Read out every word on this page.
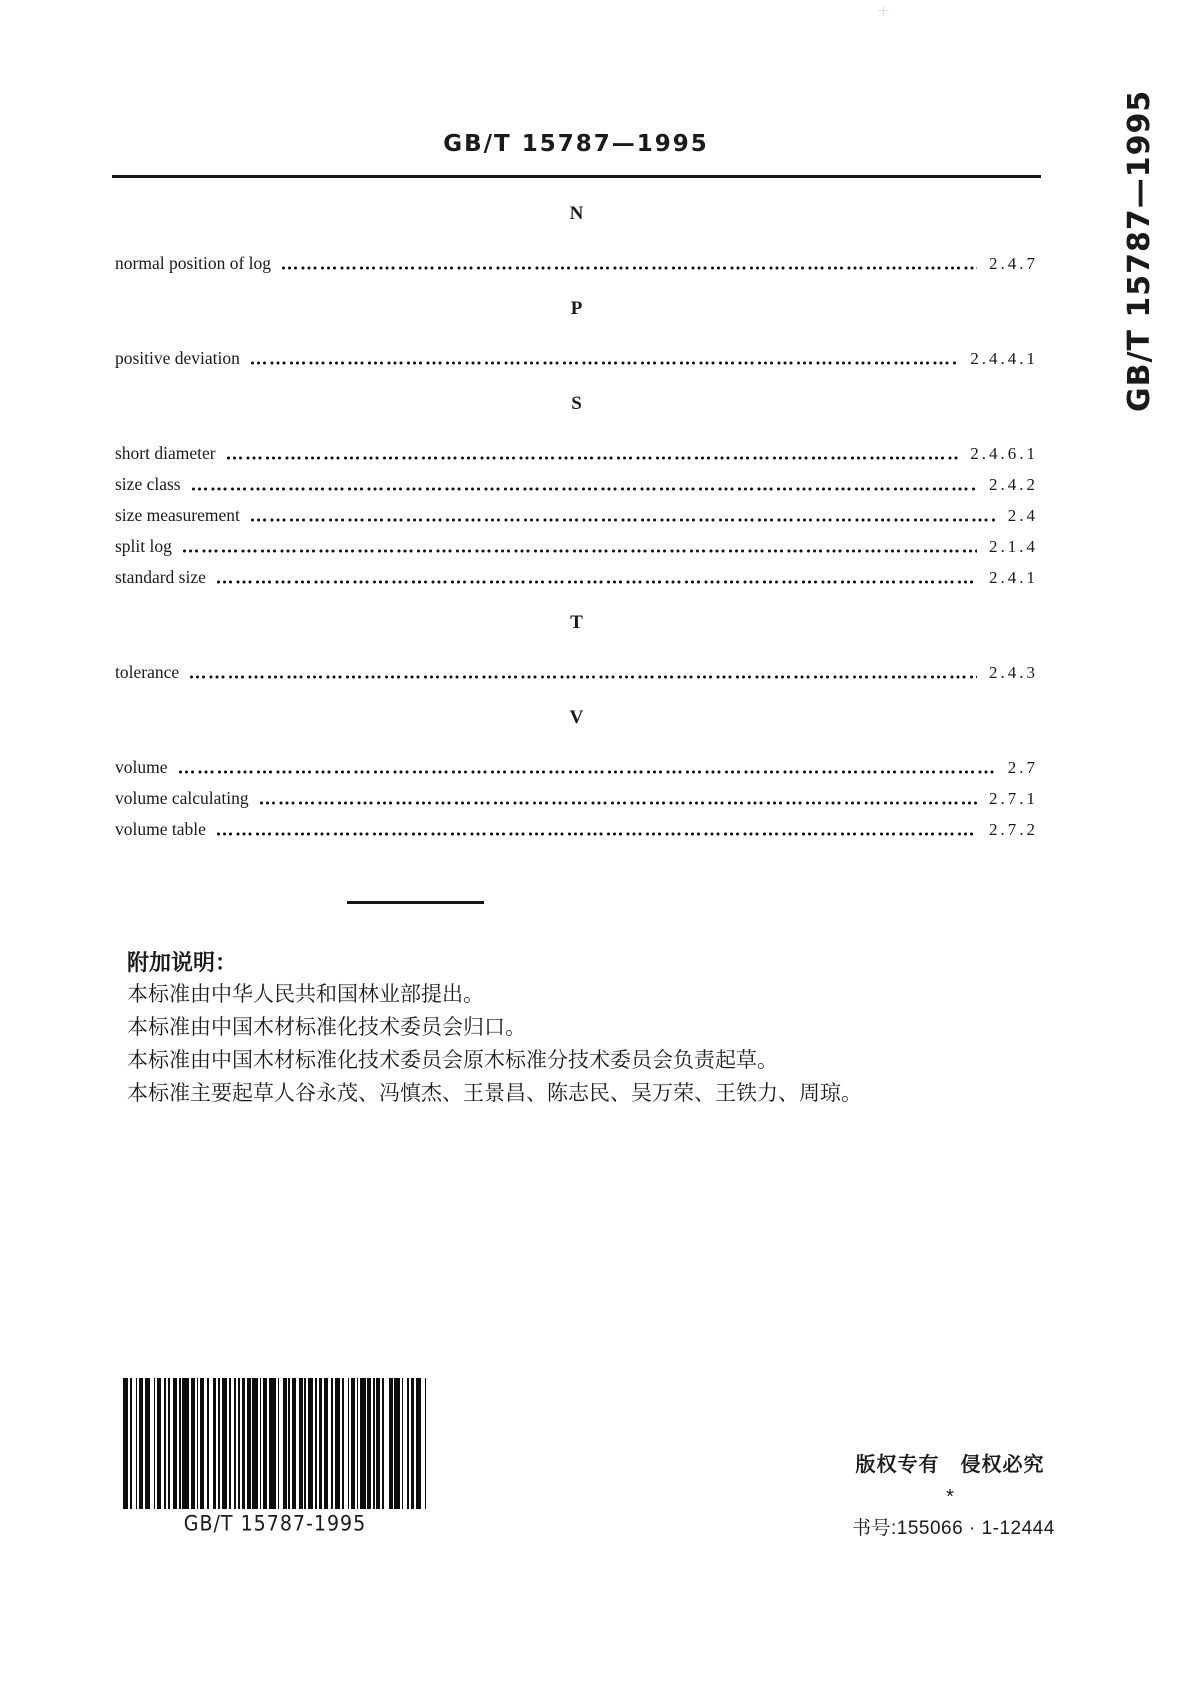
GB/T 15787—1995	GB/T 15787—1995
N
normal position of log	2.4.7
P
positive deviation	2.4.4.1
S
short diameter	2.4.6.1
size class	2.4.2
size measurement	2.4
split log	2.1.4
standard size	2.4.1
T
tolerance	2.4.3
V
volume	2.7
volume calculating	2.7.1
volume table	2.7.2
附加说明：
本标准由中华人民共和国林业部提出。
本标准由中国木材标准化技术委员会归口。
本标准由中国木材标准化技术委员会原木标准分技术委员会负责起草。
本标准主要起草人谷永茂、冯慎杰、王景昌、陈志民、吴万荣、王铁力、周琼。
GB/T 15787-1995
版权专有　侵权必究
*
书号:155066 · 1-12444
